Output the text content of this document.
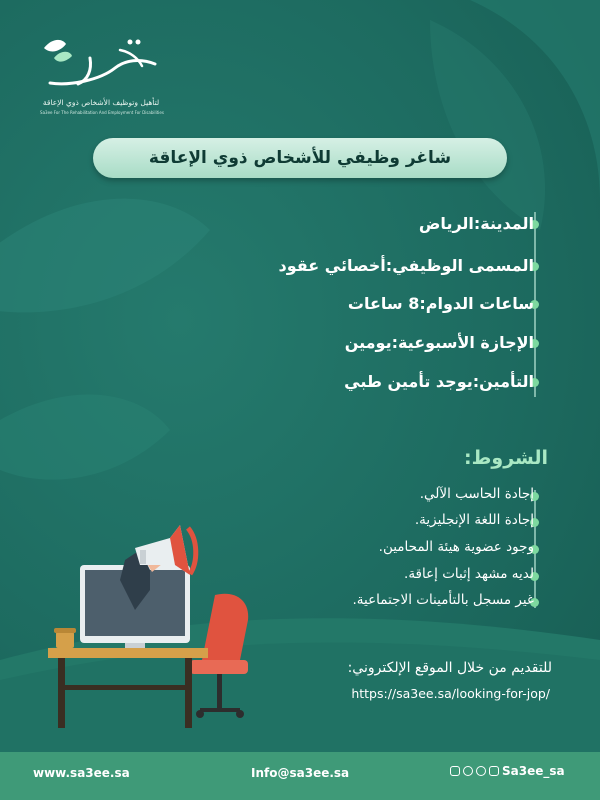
لتأهيل وتوظيف الأشخاص ذوي الإعاقة
Sa3ee For The Rehabilitation And Employment For Disabilities
شاغر وظيفي للأشخاص ذوي الإعاقة
المدينة:الرياض
المسمى الوظيفي:أخصائي عقود
ساعات الدوام:8 ساعات
الإجازة الأسبوعية:يومين
التأمين:يوجد تأمين طبي
الشروط:
إجادة الحاسب الآلي.
إجادة اللغة الإنجليزية.
وجود عضوية هيئة المحامين.
لديه مشهد إثبات إعاقة.
غير مسجل بالتأمينات الاجتماعية.
للتقديم من خلال الموقع الإلكتروني:
https://sa3ee.sa/looking-for-jop/
www.sa3ee.sa	Info@sa3ee.sa	Sa3ee_sa
